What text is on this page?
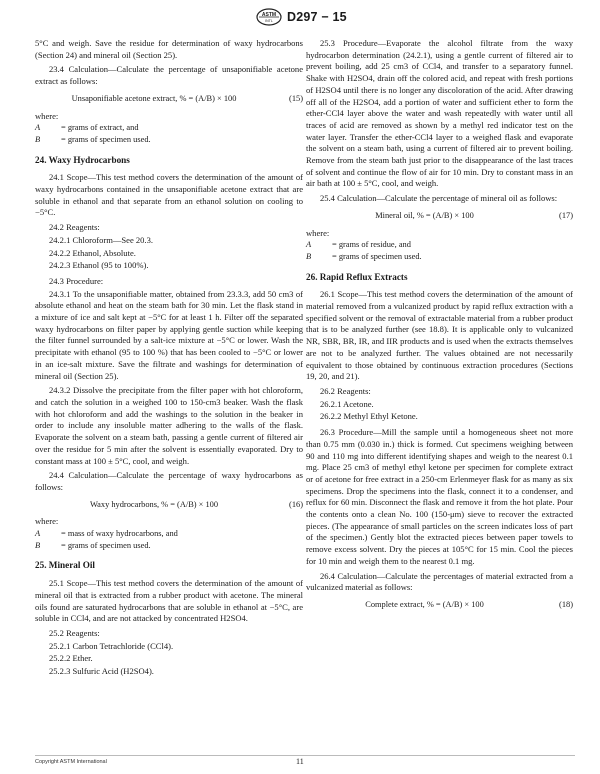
ASTM
INTL D297 − 15

5°C and weigh. Save the residue for determination of waxy hydrocarbons (Section 24) and mineral oil (Section 25).

23.4 Calculation—Calculate the percentage of unsaponifiable acetone extract as follows:

Unsaponifiable acetone extract, % = (A/B) × 100	(15)

where:

A	= grams of extract, and
B	= grams of specimen used.
24. Waxy Hydrocarbons

24.1 Scope—This test method covers the determination of the amount of waxy hydrocarbons contained in the unsaponifiable acetone extract that are soluble in ethanol and that separate from an ethanol solution on cooling to −5°C.

24.2 Reagents:

24.2.1 Chloroform—See 20.3.

24.2.2 Ethanol, Absolute.

24.2.3 Ethanol (95 to 100%).

24.3 Procedure:

24.3.1 To the unsaponifiable matter, obtained from 23.3.3, add 50 cm3 of absolute ethanol and heat on the steam bath for 30 min. Let the flask stand in a mixture of ice and salt kept at −5°C for at least 1 h. Filter off the separated waxy hydrocarbons on filter paper by applying gentle suction while keeping the filter funnel surrounded by a salt-ice mixture at −5°C or lower. Wash the precipitate with ethanol (95 to 100 %) that has been cooled to −5°C or lower in an ice-salt mixture. Save the filtrate and washings for determination of mineral oil (Section 25).

24.3.2 Dissolve the precipitate from the filter paper with hot chloroform, and catch the solution in a weighed 100 to 150-cm3 beaker. Wash the flask with hot chloroform and add the washings to the solution in the beaker in order to include any insoluble matter adhering to the walls of the flask. Evaporate the solvent on a steam bath, passing a gentle current of filtered air over the residue for 5 min after the solvent is essentially evaporated. Dry to constant mass at 100 ± 5°C, cool, and weigh.

24.4 Calculation—Calculate the percentage of waxy hydrocarbons as follows:

Waxy hydrocarbons, % = (A/B) × 100	(16)

where:

A	= mass of waxy hydrocarbons, and
B	= grams of specimen used.
25. Mineral Oil

25.1 Scope—This test method covers the determination of the amount of mineral oil that is extracted from a rubber product with acetone. The mineral oils found are saturated hydrocarbons that are soluble in ethanol at −5°C, are soluble in CCl4, and are not attacked by concentrated H2SO4.

25.2 Reagents:

25.2.1 Carbon Tetrachloride (CCl4).

25.2.2 Ether.

25.2.3 Sulfuric Acid (H2SO4).

25.3 Procedure—Evaporate the alcohol filtrate from the waxy hydrocarbon determination (24.2.1), using a gentle current of filtered air to prevent boiling, add 25 cm3 of CCl4, and transfer to a separatory funnel. Shake with H2SO4, drain off the colored acid, and repeat with fresh portions of H2SO4 until there is no longer any discoloration of the acid. After drawing off all of the H2SO4, add a portion of water and sufficient ether to form the ether-CCl4 layer above the water and wash repeatedly with water until all traces of acid are removed as shown by a methyl red indicator test on the water layer. Transfer the ether-CCl4 layer to a weighed flask and evaporate the solvent on a steam bath, using a current of filtered air to prevent boiling. Remove from the steam bath just prior to the disappearance of the last traces of solvent and continue the flow of air for 10 min. Dry to constant mass in an air bath at 100 ± 5°C, cool, and weigh.

25.4 Calculation—Calculate the percentage of mineral oil as follows:

Mineral oil, % = (A/B) × 100	(17)

where:

A	= grams of residue, and
B	= grams of specimen used.
26. Rapid Reflux Extracts

26.1 Scope—This test method covers the determination of the amount of material removed from a vulcanized product by rapid reflux extraction with a specified solvent or the removal of extractable material from a rubber product that is to be analyzed further (see 18.8). It is applicable only to vulcanized NR, SBR, BR, IR, and IIR products and is used when the extracts themselves are not to be analyzed further. The values obtained are not necessarily equivalent to those obtained by continuous extraction procedures (Sections 19, 20, and 21).

26.2 Reagents:

26.2.1 Acetone.

26.2.2 Methyl Ethyl Ketone.

26.3 Procedure—Mill the sample until a homogeneous sheet not more than 0.75 mm (0.030 in.) thick is formed. Cut specimens weighing between 90 and 110 mg into different identifying shapes and weigh to the nearest 0.1 mg. Place 25 cm3 of methyl ethyl ketone per specimen for complete extract or of acetone for free extract in a 250-cm Erlenmeyer flask for as many as six specimens. Drop the specimens into the flask, connect it to a condenser, and reflux for 60 min. Disconnect the flask and remove it from the hot plate. Pour the contents onto a clean No. 100 (150-μm) sieve to recover the extracted pieces. (The appearance of small particles on the screen indicates loss of part of the specimen.) Gently blot the extracted pieces between paper towels to remove excess solvent. Dry the pieces at 105°C for 15 min. Cool the pieces for 10 min and weigh them to the nearest 0.1 mg.

26.4 Calculation—Calculate the percentages of material extracted from a vulcanized material as follows:

Complete extract, % = (A/B) × 100	(18)
Copyright ASTM International	11
